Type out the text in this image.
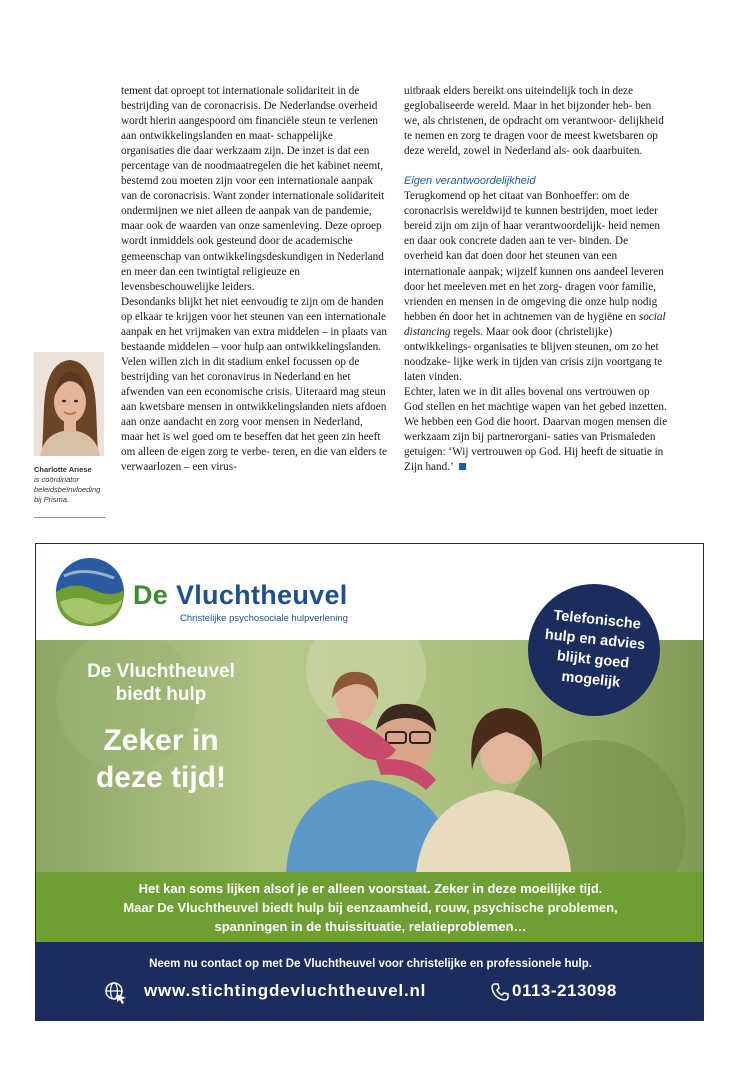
tement dat oproept tot internationale solidariteit in de bestrijding van de coronacrisis. De Nederlandse overheid wordt hierin aangespoord om financiële steun te verlenen aan ontwikkelingslanden en maat- schappelijke organisaties die daar werkzaam zijn. De inzet is dat een percentage van de noodmaatregelen die het kabinet neemt, bestemd zou moeten zijn voor een internationale aanpak van de coronacrisis. Want zonder internationale solidariteit ondermijnen we niet alleen de aanpak van de pandemie, maar ook de waarden van onze samenleving. Deze oproep wordt inmiddels ook gesteund door de academische gemeenschap van ontwikkelingsdeskundigen in Nederland en meer dan een twintigtal religieuze en levensbeschouwelijke leiders.

Desondanks blijkt het niet eenvoudig te zijn om de handen op elkaar te krijgen voor het steunen van een internationale aanpak en het vrijmaken van extra middelen – in plaats van bestaande middelen – voor hulp aan ontwikkelingslanden. Velen willen zich in dit stadium enkel focussen op de bestrijding van het coronavirus in Nederland en het afwenden van een economische crisis. Uiteraard mag steun aan kwetsbare mensen in ontwikkelingslanden niets afdoen aan onze aandacht en zorg voor mensen in Nederland, maar het is wel goed om te beseffen dat het geen zin heeft om alleen de eigen zorg te verbe- teren, en die van elders te verwaarlozen – een virus-

uitbraak elders bereikt ons uiteindelijk toch in deze geglobaliseerde wereld. Maar in het bijzonder heb- ben we, als christenen, de opdracht om verantwoor- delijkheid te nemen en zorg te dragen voor de meest kwetsbaren op deze wereld, zowel in Nederland als- ook daarbuiten.

Eigen verantwoordelijkheid

Terugkomend op het citaat van Bonhoeffer: om de coronacrisis wereldwijd te kunnen bestrijden, moet ieder bereid zijn om zijn of haar verantwoordelijk- heid nemen en daar ook concrete daden aan te ver- binden. De overheid kan dat doen door het steunen van een internationale aanpak; wijzelf kunnen ons aandeel leveren door het meeleven met en het zorg- dragen voor familie, vrienden en mensen in de omgeving die onze hulp nodig hebben én door het in achtnemen van de hygiëne en social distancing regels. Maar ook door (christelijke) ontwikkelings- organisaties te blijven steunen, om zo het noodzake- lijke werk in tijden van crisis zijn voortgang te laten vinden.

Echter, laten we in dit alles bovenal ons vertrouwen op God stellen en het machtige wapen van het gebed inzetten. We hebben een God die hoort. Daarvan mogen mensen die werkzaam zijn bij partnerorgani- saties van Prismaleden getuigen: ‘Wij vertrouwen op God. Hij heeft de situatie in Zijn hand.’

Charlotte Ariese
is coördinator
beleidsbeïnvloeding
bij Prisma.
De Vluchtheuvel
Christelijke psychosociale hulpverlening
De Vluchtheuvel
biedt hulp
Zeker in
deze tijd!
Telefonische hulp en advies blijkt goed mogelijk
Het kan soms lijken alsof je er alleen voorstaat. Zeker in deze moeilijke tijd.
Maar De Vluchtheuvel biedt hulp bij eenzaamheid, rouw, psychische problemen,
spanningen in de thuissituatie, relatieproblemen…
Neem nu contact op met De Vluchtheuvel voor christelijke en professionele hulp.
www.stichtingdevluchtheuvel.nl	0113-213098
